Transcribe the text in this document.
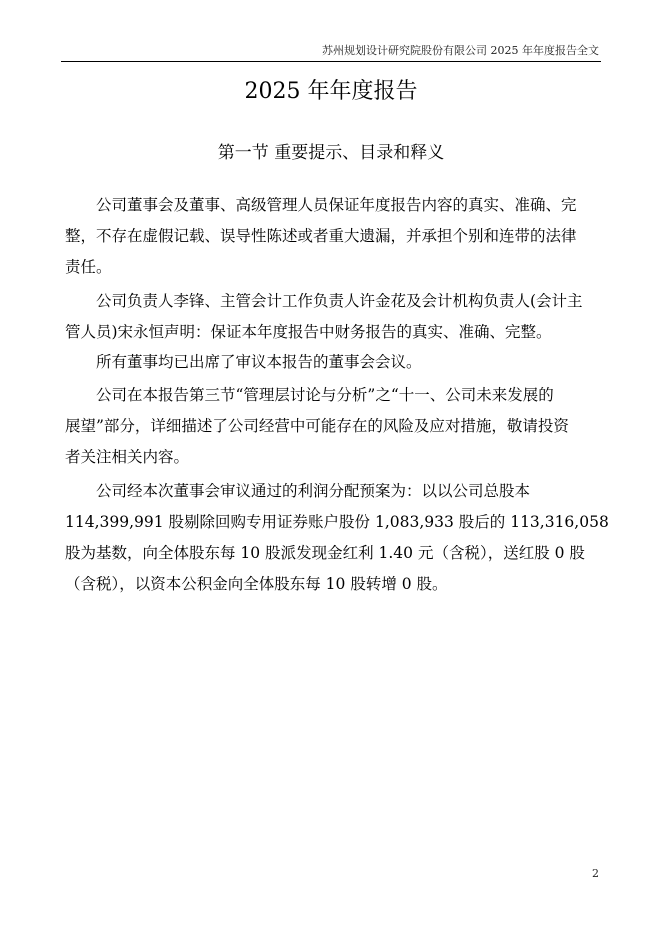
苏州规划设计研究院股份有限公司 2025 年年度报告全文
2025 年年度报告
第一节 重要提示、目录和释义
公司董事会及董事、高级管理人员保证年度报告内容的真实、准确、完
整，不存在虚假记载、误导性陈述或者重大遗漏，并承担个别和连带的法律
责任。
公司负责人李锋、主管会计工作负责人许金花及会计机构负责人(会计主
管人员)宋永恒声明：保证本年度报告中财务报告的真实、准确、完整。
所有董事均已出席了审议本报告的董事会会议。
公司在本报告第三节“管理层讨论与分析”之“十一、公司未来发展的
展望”部分，详细描述了公司经营中可能存在的风险及应对措施，敬请投资
者关注相关内容。
公司经本次董事会审议通过的利润分配预案为：以以公司总股本
114,399,991 股剔除回购专用证券账户股份 1,083,933 股后的 113,316,058
股为基数，向全体股东每 10 股派发现金红利 1.40 元（含税），送红股 0 股
（含税），以资本公积金向全体股东每 10 股转增 0 股。
2
